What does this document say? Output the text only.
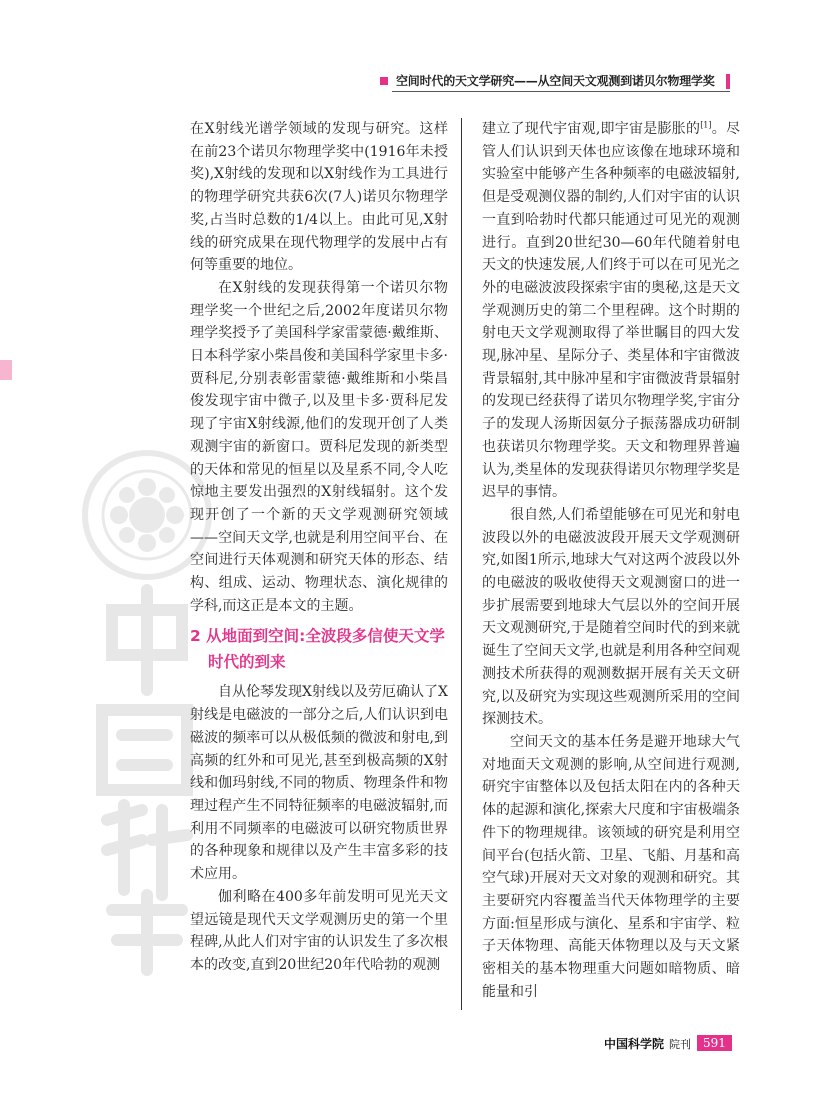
空间时代的天文学研究——从空间天文观测到诺贝尔物理学奖

在X射线光谱学领域的发现与研究。这样在前23个诺贝尔物理学奖中(1916年未授奖),X射线的发现和以X射线作为工具进行的物理学研究共获6次(7人)诺贝尔物理学奖,占当时总数的1/4以上。由此可见,X射线的研究成果在现代物理学的发展中占有何等重要的地位。

在X射线的发现获得第一个诺贝尔物理学奖一个世纪之后,2002年度诺贝尔物理学奖授予了美国科学家雷蒙德·戴维斯、日本科学家小柴昌俊和美国科学家里卡多·贾科尼,分别表彰雷蒙德·戴维斯和小柴昌俊发现宇宙中微子,以及里卡多·贾科尼发现了宇宙X射线源,他们的发现开创了人类观测宇宙的新窗口。贾科尼发现的新类型的天体和常见的恒星以及星系不同,令人吃惊地主要发出强烈的X射线辐射。这个发现开创了一个新的天文学观测研究领域——空间天文学,也就是利用空间平台、在空间进行天体观测和研究天体的形态、结构、组成、运动、物理状态、演化规律的学科,而这正是本文的主题。

2 从地面到空间:全波段多信使天文学时代的到来

自从伦琴发现X射线以及劳厄确认了X射线是电磁波的一部分之后,人们认识到电磁波的频率可以从极低频的微波和射电,到高频的红外和可见光,甚至到极高频的X射线和伽玛射线,不同的物质、物理条件和物理过程产生不同特征频率的电磁波辐射,而利用不同频率的电磁波可以研究物质世界的各种现象和规律以及产生丰富多彩的技术应用。

伽利略在400多年前发明可见光天文望远镜是现代天文学观测历史的第一个里程碑,从此人们对宇宙的认识发生了多次根本的改变,直到20世纪20年代哈勃的观测

建立了现代宇宙观,即宇宙是膨胀的[1]。尽管人们认识到天体也应该像在地球环境和实验室中能够产生各种频率的电磁波辐射,但是受观测仪器的制约,人们对宇宙的认识一直到哈勃时代都只能通过可见光的观测进行。直到20世纪30—60年代随着射电天文的快速发展,人们终于可以在可见光之外的电磁波波段探索宇宙的奥秘,这是天文学观测历史的第二个里程碑。这个时期的射电天文学观测取得了举世瞩目的四大发现,脉冲星、星际分子、类星体和宇宙微波背景辐射,其中脉冲星和宇宙微波背景辐射的发现已经获得了诺贝尔物理学奖,宇宙分子的发现人汤斯因氨分子振荡器成功研制也获诺贝尔物理学奖。天文和物理界普遍认为,类星体的发现获得诺贝尔物理学奖是迟早的事情。

很自然,人们希望能够在可见光和射电波段以外的电磁波波段开展天文学观测研究,如图1所示,地球大气对这两个波段以外的电磁波的吸收使得天文观测窗口的进一步扩展需要到地球大气层以外的空间开展天文观测研究,于是随着空间时代的到来就诞生了空间天文学,也就是利用各种空间观测技术所获得的观测数据开展有关天文研究,以及研究为实现这些观测所采用的空间探测技术。

空间天文的基本任务是避开地球大气对地面天文观测的影响,从空间进行观测,研究宇宙整体以及包括太阳在内的各种天体的起源和演化,探索大尺度和宇宙极端条件下的物理规律。该领域的研究是利用空间平台(包括火箭、卫星、飞船、月基和高空气球)开展对天文对象的观测和研究。其主要研究内容覆盖当代天体物理学的主要方面:恒星形成与演化、星系和宇宙学、粒子天体物理、高能天体物理以及与天文紧密相关的基本物理重大问题如暗物质、暗能量和引

中国科学院 院刊	591
